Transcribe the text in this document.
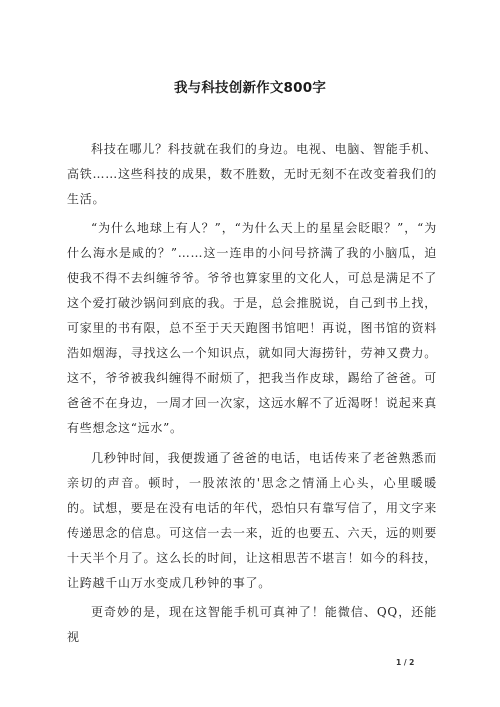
我与科技创新作文800字

科技在哪儿？科技就在我们的身边。电视、电脑、智能手机、高铁……这些科技的成果，数不胜数，无时无刻不在改变着我们的生活。

“为什么地球上有人？”，“为什么天上的星星会眨眼？”，“为什么海水是咸的？”……这一连串的小问号挤满了我的小脑瓜，迫使我不得不去纠缠爷爷。爷爷也算家里的文化人，可总是满足不了这个爱打破沙锅问到底的我。于是，总会推脱说，自己到书上找，可家里的书有限，总不至于天天跑图书馆吧！再说，图书馆的资料浩如烟海，寻找这么一个知识点，就如同大海捞针，劳神又费力。这不，爷爷被我纠缠得不耐烦了，把我当作皮球，踢给了爸爸。可爸爸不在身边，一周才回一次家，这远水解不了近渴呀！说起来真有些想念这“远水”。

几秒钟时间，我便拨通了爸爸的电话，电话传来了老爸熟悉而亲切的声音。顿时，一股浓浓的'思念之情涌上心头，心里暖暖的。试想，要是在没有电话的年代，恐怕只有靠写信了，用文字来传递思念的信息。可这信一去一来，近的也要五、六天，远的则要十天半个月了。这么长的时间，让这相思苦不堪言！如今的科技，让跨越千山万水变成几秒钟的事了。

更奇妙的是，现在这智能手机可真神了！能微信、QQ，还能视

1 / 2
